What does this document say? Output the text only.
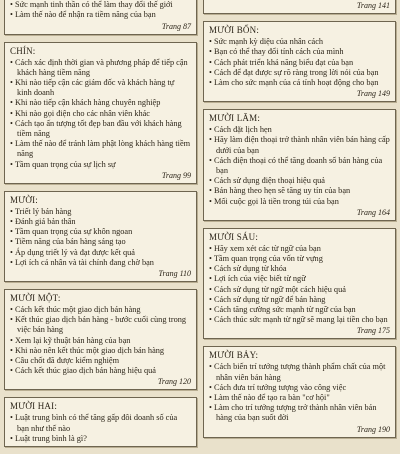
•
• Sức mạnh tinh thần có thể làm thay đổi thế giới
• Làm thế nào để nhận ra tiềm năng của bạn
Trang 87
CHÍN:
• Cách xác định thời gian và phương pháp để tiếp cận khách hàng tiềm năng
• Khi nào tiếp cận các giám đốc và khách hàng tự kinh doanh
• Khi nào tiếp cận khách hàng chuyên nghiệp
• Khi nào gọi điện cho các nhân viên khác
• Cách tạo ấn tượng tốt đẹp ban đầu với khách hàng tiềm năng
• Làm thế nào để tránh làm phật lòng khách hàng tiềm năng
• Tầm quan trọng của sự lịch sự
Trang 99
MƯỜI:
• Triết lý bán hàng
• Đánh giá bản thân
• Tầm quan trọng của sự khôn ngoan
• Tiềm năng của bán hàng sáng tạo
• Áp dụng triết lý và đạt được kết quả
• Lợi ích cá nhân và tài chính đang chờ bạn
Trang 110
MƯỜI MỘT:
• Cách kết thúc một giao dịch bán hàng
• Kết thúc giao dịch bán hàng - bước cuối cùng trong việc bán hàng
• Xem lại kỹ thuật bán hàng của bạn
• Khi nào nên kết thúc một giao dịch bán hàng
• Câu chốt đã được kiểm nghiệm
• Cách kết thúc giao dịch bán hàng hiệu quả
Trang 120
MƯỜI HAI:
• Luật trung bình có thể tăng gấp đôi doanh số của bạn như thế nào
• Luật trung bình là gì?
•
Trang 141
MƯỜI BỐN:
• Sức mạnh kỳ diệu của nhân cách
• Bạn có thể thay đổi tính cách của mình
• Cách phát triển khả năng biểu đạt của bạn
• Cách để đạt được sự rõ ràng trong lời nói của bạn
• Làm cho sức mạnh của cá tính hoạt động cho bạn
Trang 149
MƯỜI LĂM:
• Cách đặt lịch hẹn
• Hãy làm điện thoại trở thành nhân viên bán hàng cấp dưới của bạn
• Cách điện thoại có thể tăng doanh số bán hàng của bạn
• Cách sử dụng điện thoại hiệu quả
• Bán hàng theo hẹn sẽ tăng uy tín của bạn
• Mối cuộc gọi là tiền trong túi của bạn
Trang 164
MƯỜI SÁU:
• Hãy xem xét các từ ngữ của bạn
• Tầm quan trọng của vốn từ vựng
• Cách sử dụng từ khóa
• Lợi ích của việc biết từ ngữ
• Cách sử dụng từ ngữ một cách hiệu quả
• Cách sử dụng từ ngữ để bán hàng
• Cách tăng cường sức mạnh từ ngữ của bạn
• Cách thúc sức mạnh từ ngữ sẽ mang lại tiền cho bạn
Trang 175
MƯỜI BẢY:
• Cách biến trí tưởng tượng thành phẩm chất của một nhân viên bán hàng
• Cách đưa trí tưởng tượng vào công việc
• Làm thế nào để tạo ra bàn "cơ hội"
• Làm cho trí tưởng tượng trở thành nhân viên bán hàng của bạn suốt đời
Trang 190
